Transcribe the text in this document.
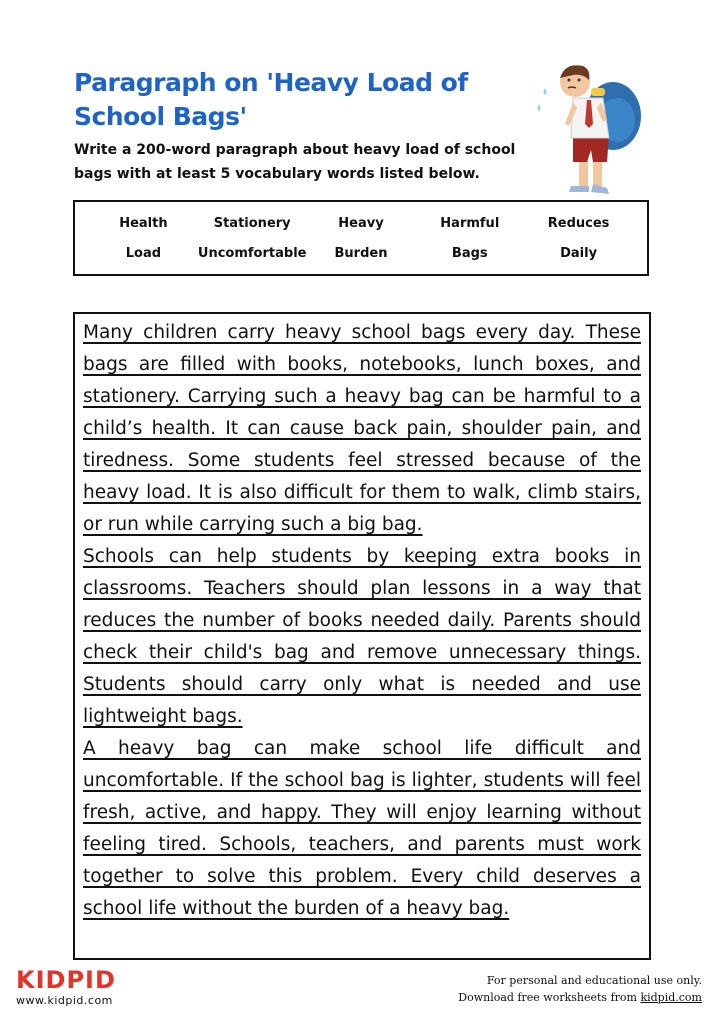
Paragraph on 'Heavy Load of School Bags'
Write a 200-word paragraph about heavy load of school bags with at least 5 vocabulary words listed below.
Health	Stationery	Heavy	Harmful	Reduces
Load	Uncomfortable	Burden	Bags	Daily

Many children carry heavy school bags every day. These bags are filled with books, notebooks, lunch boxes, and stationery. Carrying such a heavy bag can be harmful to a child’s health. It can cause back pain, shoulder pain, and tiredness. Some students feel stressed because of the heavy load. It is also difficult for them to walk, climb stairs, or run while carrying such a big bag.

Schools can help students by keeping extra books in classrooms. Teachers should plan lessons in a way that reduces the number of books needed daily. Parents should check their child's bag and remove unnecessary things. Students should carry only what is needed and use lightweight bags.

A heavy bag can make school life difficult and uncomfortable. If the school bag is lighter, students will feel fresh, active, and happy. They will enjoy learning without feeling tired. Schools, teachers, and parents must work together to solve this problem. Every child deserves a school life without the burden of a heavy bag.

KIDPID
www.kidpid.com
For personal and educational use only.
Download free worksheets from kidpid.com
